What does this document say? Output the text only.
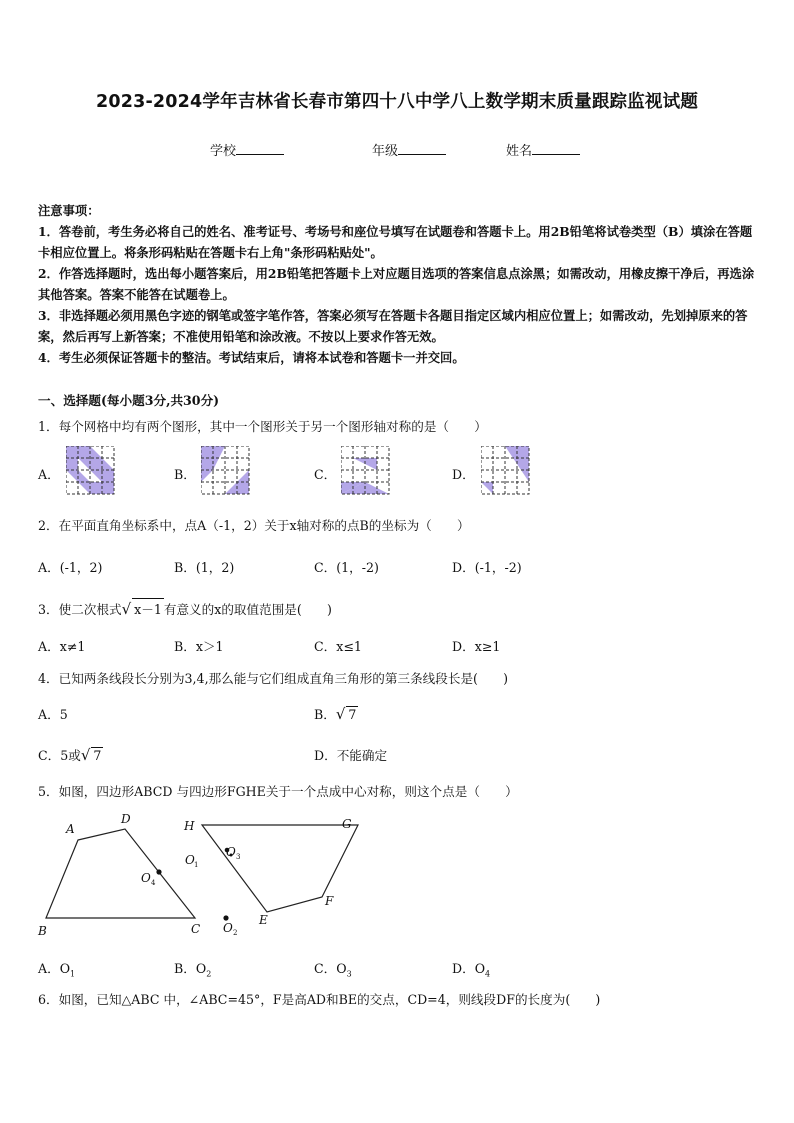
2023-2024学年吉林省长春市第四十八中学八上数学期末质量跟踪监视试题
学校	年级	姓名
注意事项：
1．答卷前，考生务必将自己的姓名、准考证号、考场号和座位号填写在试题卷和答题卡上。用2B铅笔将试卷类型（B）填涂在答题卡相应位置上。将条形码粘贴在答题卡右上角"条形码粘贴处"。
2．作答选择题时，选出每小题答案后，用2B铅笔把答题卡上对应题目选项的答案信息点涂黑；如需改动，用橡皮擦干净后，再选涂其他答案。答案不能答在试题卷上。
3．非选择题必须用黑色字迹的钢笔或签字笔作答，答案必须写在答题卡各题目指定区域内相应位置上；如需改动，先划掉原来的答案，然后再写上新答案；不准使用铅笔和涂改液。不按以上要求作答无效。
4．考生必须保证答题卡的整洁。考试结束后，请将本试卷和答题卡一并交回。
一、选择题(每小题3分,共30分)
1．每个网格中均有两个图形，其中一个图形关于另一个图形轴对称的是（　　）
A．	B．	C．	D．
2．在平面直角坐标系中，点A（-1，2）关于x轴对称的点B的坐标为（　　）
A．(-1，2)	B．(1，2)	C．(1，-2)	D．(-1，-2)
3．使二次根式√ x－1 有意义的x的取值范围是(　　)
A．x≠1	B．x＞1	C．x≤1	D．x≥1
4．已知两条线段长分别为3,4,那么能与它们组成直角三角形的第三条线段长是(　　)
A．5	B．√ 7
C．5或√ 7	D．不能确定
5．如图，四边形ABCD 与四边形FGHE关于一个点成中心对称，则这个点是（　　）
A
D
B	C
H	G
F
E
O
O
O
O
4
1
3
2
A．$O_1$	B．$O_2$	C．$O_3$	D．$O_4$
6．如图，已知△ABC 中，∠ABC=45°，F是高AD和BE的交点，CD=4，则线段DF的长度为(　　)
